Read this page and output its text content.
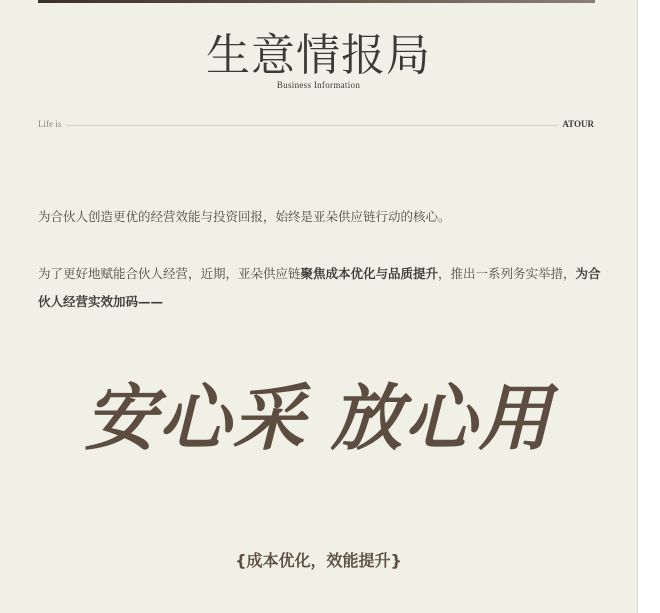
生意情报局
Business Information
Life is	ATOUR
为合伙人创造更优的经营效能与投资回报，始终是亚朵供应链行动的核心。
为了更好地赋能合伙人经营，近期，亚朵供应链聚焦成本优化与品质提升，推出一系列务实举措，为合伙人经营实效加码——
安心采 放心用
{成本优化，效能提升}
